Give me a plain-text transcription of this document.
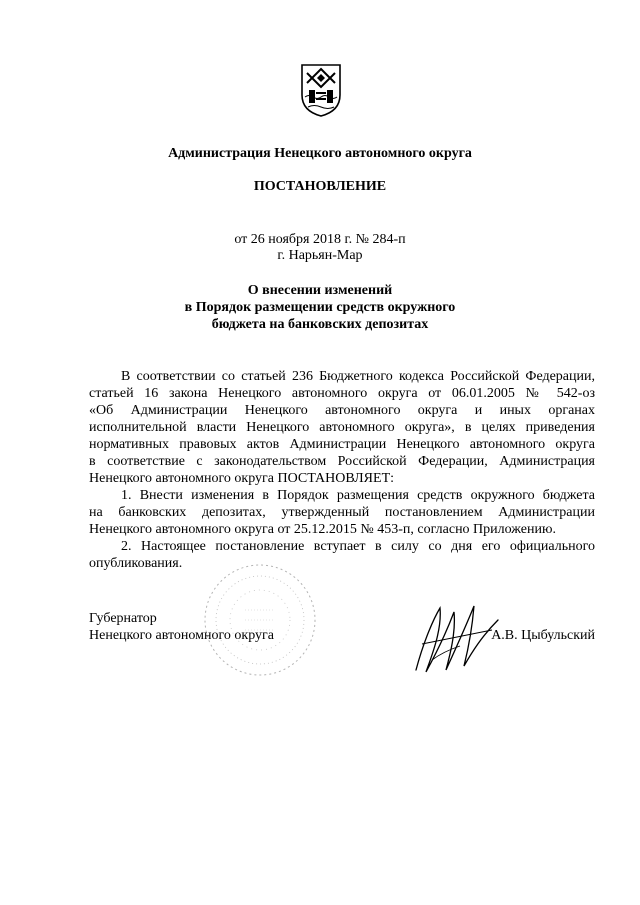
Администрация Ненецкого автономного округа
ПОСТАНОВЛЕНИЕ
от 26 ноября 2018 г. № 284-п
г. Нарьян-Мар
О внесении изменений
в Порядок размещении средств окружного
бюджета на банковских депозитах
В соответствии со статьей 236 Бюджетного кодекса Российской Федерации,
статьей 16 закона Ненецкого автономного округа от 06.01.2005 № 542-оз
«Об Администрации Ненецкого автономного округа и иных органах
исполнительной власти Ненецкого автономного округа», в целях приведения
нормативных правовых актов Администрации Ненецкого автономного округа
в соответствие с законодательством Российской Федерации, Администрация
Ненецкого автономного округа ПОСТАНОВЛЯЕТ:
1. Внести изменения в Порядок размещения средств окружного бюджета
на банковских депозитах, утвержденный постановлением Администрации
Ненецкого автономного округа от 25.12.2015 № 453-п, согласно Приложению.
2. Настоящее постановление вступает в силу со дня его официального
опубликования.
Губернатор
Ненецкого автономного округа	А.В. Цыбульский
